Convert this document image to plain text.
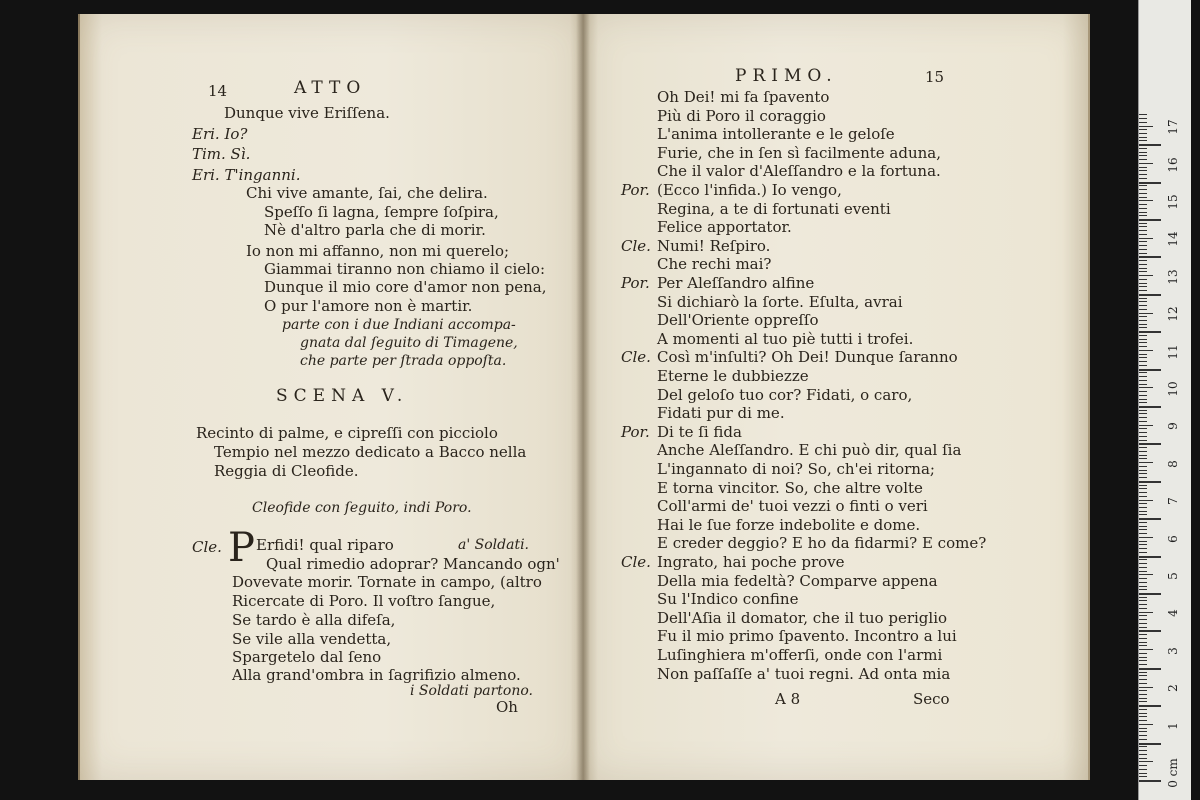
14	ATTO
Dunque vive Eriſſena.
Eri. Io?
Tim. Sì.
Eri. T'inganni.
Chi vive amante, ſai, che delira.
Speſſo ſi lagna, ſempre ſoſpira,
Nè d'altro parla che di morir.
Io non mi affanno, non mi querelo;
Giammai tiranno non chiamo il cielo:
Dunque il mio core d'amor non pena,
O pur l'amore non è martir.
parte con i due Indiani accompa-
gnata dal ſeguito di Timagene,
che parte per ſtrada oppoſta.
SCENA V.
Recinto di palme, e cipreſſi con picciolo
Tempio nel mezzo dedicato a Bacco nella
Reggia di Cleofide.
Cleofide con ſeguito, indi Poro.
Cle. P Erfidi! qual riparo	a' Soldati.
Qual rimedio adoprar? Mancando ogn'
Dovevate morir. Tornate in campo, (altro
Ricercate di Poro. Il voſtro ſangue,
Se tardo è alla difeſa,
Se vile alla vendetta,
Spargetelo dal ſeno
Alla grand'ombra in ſagrifizio almeno.
i Soldati partono.
Oh
PRIMO.	15
Oh Dei! mi fa ſpavento
Più di Poro il coraggio
L'anima intollerante e le geloſe
Furie, che in ſen sì facilmente aduna,
Che il valor d'Aleſſandro e la fortuna.
Por. (Ecco l'infida.) Io vengo,
Regina, a te di fortunati eventi
Felice apportator.
Cle. Numi! Reſpiro.
Che rechi mai?
Por. Per Aleſſandro alfine
Si dichiarò la ſorte. Eſulta, avrai
Dell'Oriente oppreſſo
A momenti al tuo piè tutti i trofei.
Cle. Così m'inſulti? Oh Dei! Dunque ſaranno
Eterne le dubbiezze
Del geloſo tuo cor? Fidati, o caro,
Fidati pur di me.
Por. Di te ſi fida
Anche Aleſſandro. E chi può dir, qual ſia
L'ingannato di noi? So, ch'ei ritorna;
E torna vincitor. So, che altre volte
Coll'armi de' tuoi vezzi o finti o veri
Hai le ſue forze indebolite e dome.
E creder deggio? E ho da fidarmi? E come?
Cle. Ingrato, hai poche prove
Della mia fedeltà? Comparve appena
Su l'Indico confine
Dell'Aſia il domator, che il tuo periglio
Fu il mio primo ſpavento. Incontro a lui
Luſinghiera m'offerſi, onde con l'armi
Non paſſaſſe a' tuoi regni. Ad onta mia
A 8	Seco
0 cm
1
2
3
4
5
6
7
8
9
10
11
12
13
14
15
16
17
